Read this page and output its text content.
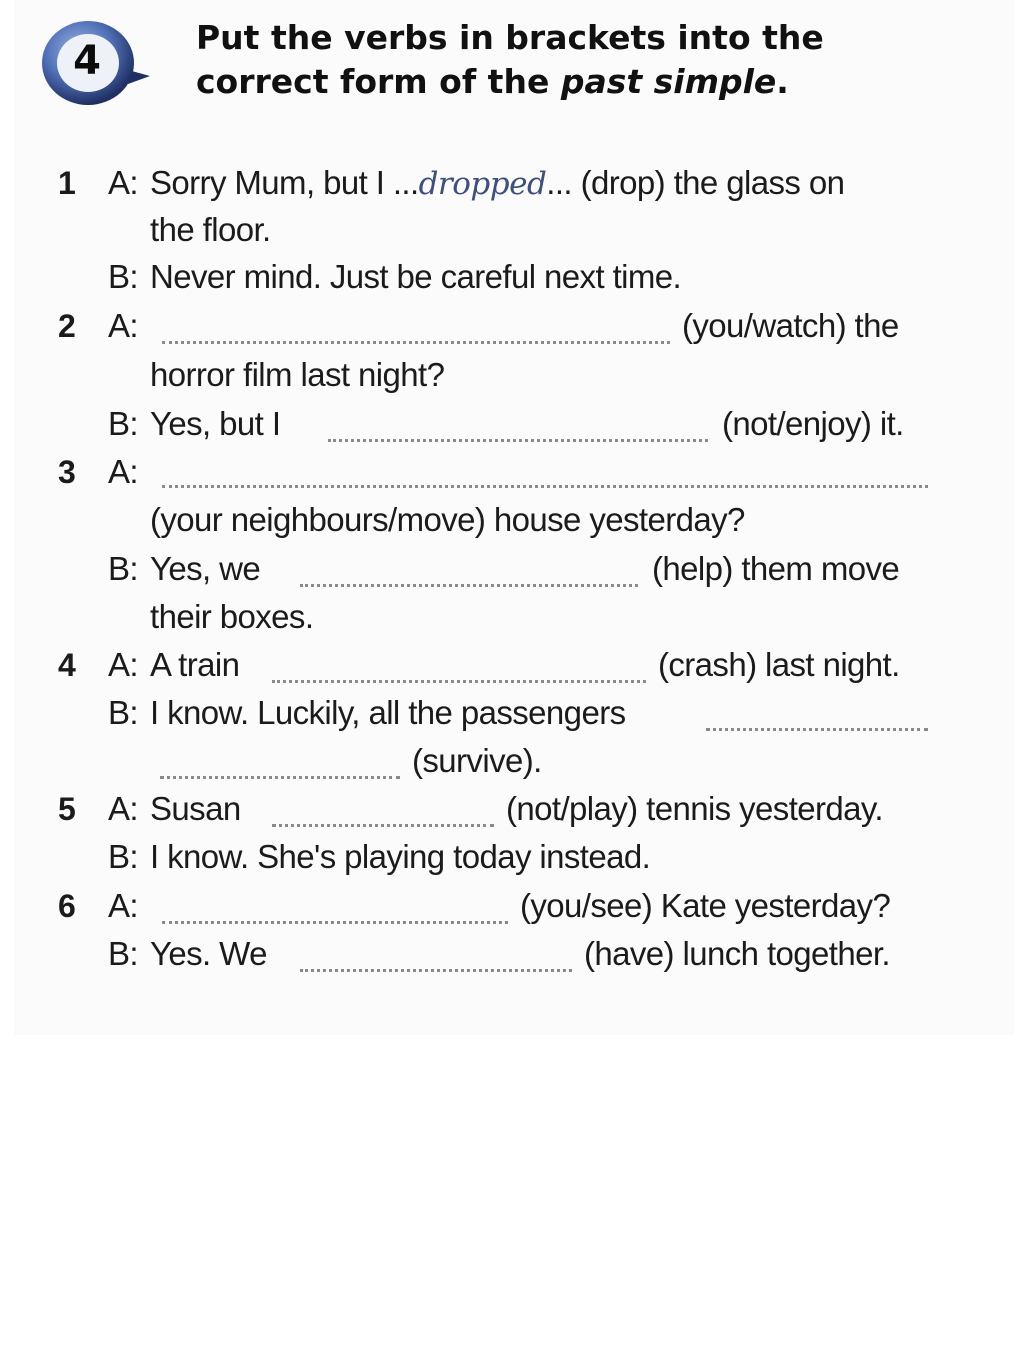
4
Put the verbs in brackets into the correct form of the past simple.
1 A: Sorry Mum, but I ...dropped... (drop) the glass on
the floor.
B: Never mind. Just be careful next time.
2 A:	(you/watch) the
horror film last night?
B: Yes, but I	(not/enjoy) it.
3 A:
(your neighbours/move) house yesterday?
B: Yes, we	(help) them move
their boxes.
4 A: A train	(crash) last night.
B: I know. Luckily, all the passengers
(survive).
5 A: Susan	(not/play) tennis yesterday.
B: I know. She's playing today instead.
6 A:	(you/see) Kate yesterday?
B: Yes. We	(have) lunch together.
